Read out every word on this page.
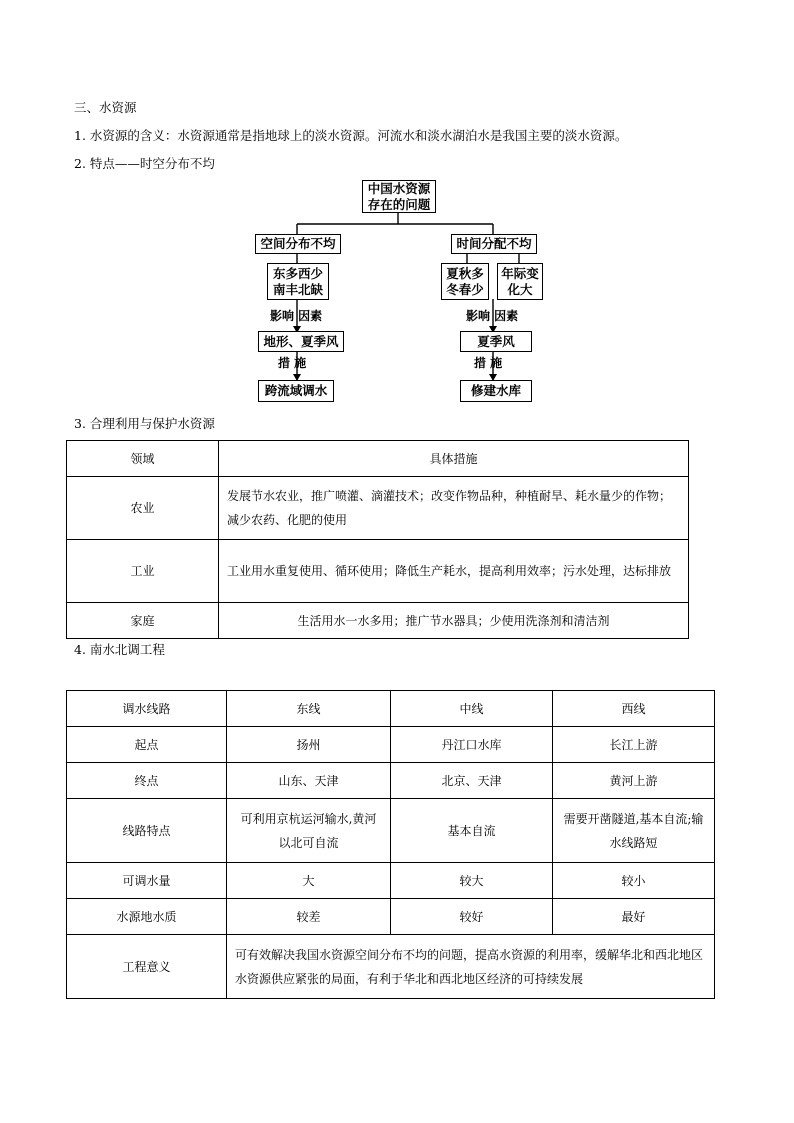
三、水资源
1. 水资源的含义：水资源通常是指地球上的淡水资源。河流水和淡水湖泊水是我国主要的淡水资源。
2. 特点——时空分布不均
中国水资源
存在的问题
空间分布不均
东多西少
南丰北缺
影响 因素
地形、夏季风
措 施
跨流域调水
时间分配不均
夏秋多
冬春少
年际变
化大
影响 因素
夏季风
措 施
修建水库
3. 合理利用与保护水资源
领域	具体措施
农业	发展节水农业，推广喷灌、滴灌技术；改变作物品种，种植耐旱、耗水量少的作物；减少农药、化肥的使用
工业	工业用水重复使用、循环使用；降低生产耗水，提高利用效率；污水处理，达标排放
家庭	生活用水一水多用；推广节水器具；少使用洗涤剂和清洁剂
4. 南水北调工程
调水线路	东线	中线	西线
起点	扬州	丹江口水库	长江上游
终点	山东、天津	北京、天津	黄河上游
线路特点	可利用京杭运河输水,黄河以北可自流	基本自流	需要开凿隧道,基本自流;输水线路短
可调水量	大	较大	较小
水源地水质	较差	较好	最好
工程意义	可有效解决我国水资源空间分布不均的问题，提高水资源的利用率，缓解华北和西北地区水资源供应紧张的局面，有利于华北和西北地区经济的可持续发展		
